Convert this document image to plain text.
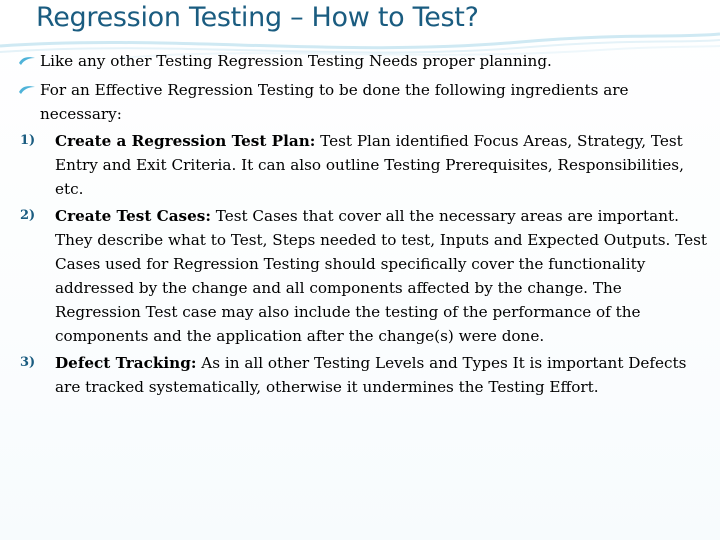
Regression Testing – How to Test?
Like any other Testing Regression Testing Needs proper planning.
For an Effective Regression Testing to be done the following ingredients are necessary:
1)	Create a Regression Test Plan: Test Plan identified Focus Areas, Strategy, Test Entry and Exit Criteria. It can also outline Testing Prerequisites, Responsibilities, etc.
2)	Create Test Cases: Test Cases that cover all the necessary areas are important. They describe what to Test, Steps needed to test, Inputs and Expected Outputs. Test Cases used for Regression Testing should specifically cover the functionality addressed by the change and all components affected by the change. The Regression Test case may also include the testing of the performance of the components and the application after the change(s) were done.
3)	Defect Tracking: As in all other Testing Levels and Types It is important Defects are tracked systematically, otherwise it undermines the Testing Effort.
